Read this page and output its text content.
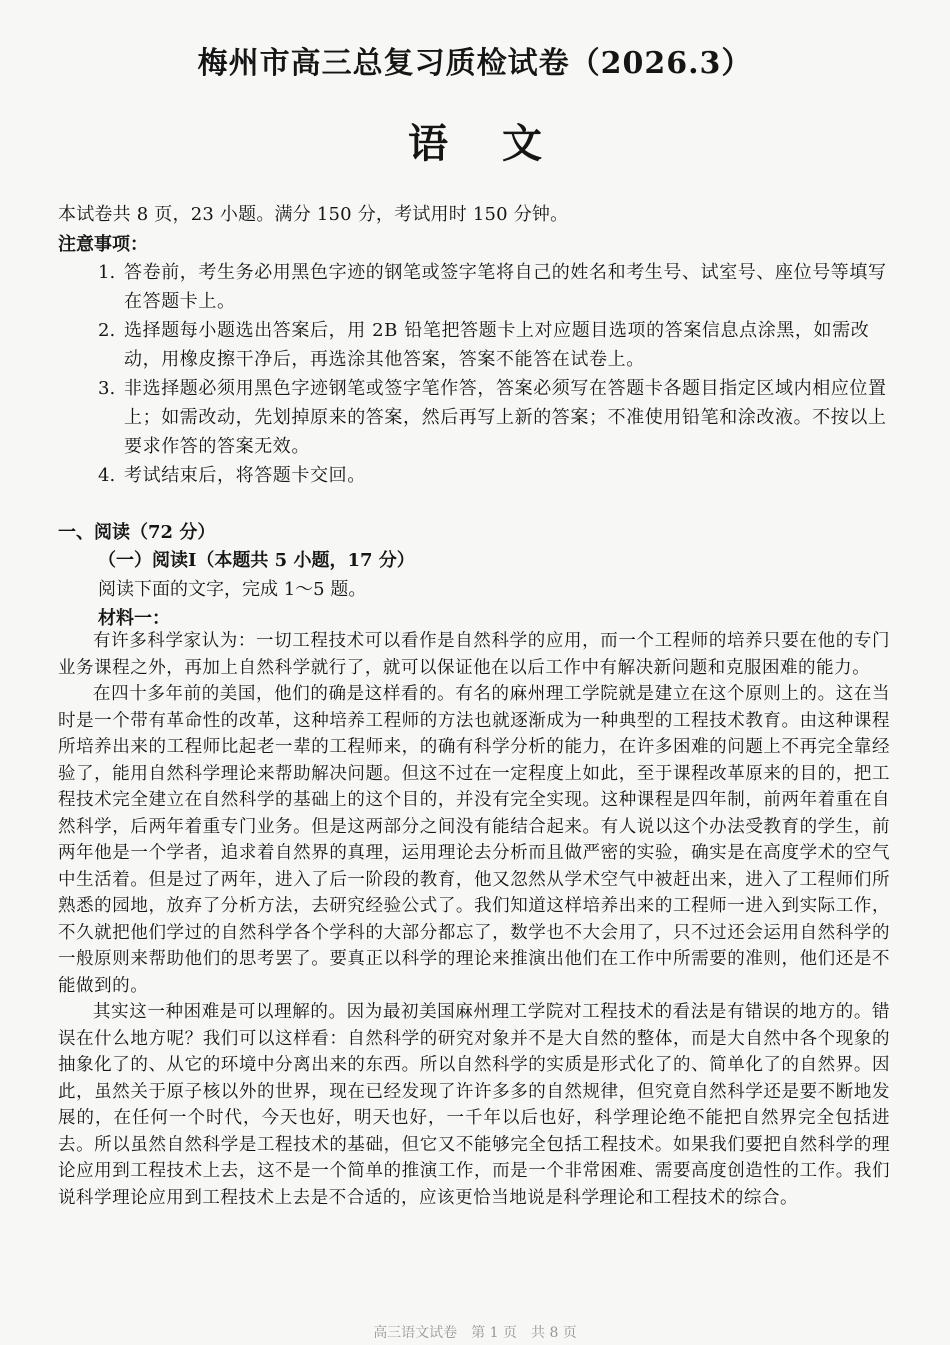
梅州市高三总复习质检试卷（2026.3）
语文
本试卷共 8 页，23 小题。满分 150 分，考试用时 150 分钟。
注意事项：
1. 答卷前，考生务必用黑色字迹的钢笔或签字笔将自己的姓名和考生号、试室号、座位号等填写在答题卡上。
2. 选择题每小题选出答案后，用 2B 铅笔把答题卡上对应题目选项的答案信息点涂黑，如需改动，用橡皮擦干净后，再选涂其他答案，答案不能答在试卷上。
3. 非选择题必须用黑色字迹钢笔或签字笔作答，答案必须写在答题卡各题目指定区域内相应位置上；如需改动，先划掉原来的答案，然后再写上新的答案；不准使用铅笔和涂改液。不按以上要求作答的答案无效。
4. 考试结束后，将答题卡交回。
一、阅读（72 分）
（一）阅读Ⅰ（本题共 5 小题，17 分）
阅读下面的文字，完成 1～5 题。
材料一：

有许多科学家认为：一切工程技术可以看作是自然科学的应用，而一个工程师的培养只要在他的专门业务课程之外，再加上自然科学就行了，就可以保证他在以后工作中有解决新问题和克服困难的能力。

在四十多年前的美国，他们的确是这样看的。有名的麻州理工学院就是建立在这个原则上的。这在当时是一个带有革命性的改革，这种培养工程师的方法也就逐渐成为一种典型的工程技术教育。由这种课程所培养出来的工程师比起老一辈的工程师来，的确有科学分析的能力，在许多困难的问题上不再完全靠经验了，能用自然科学理论来帮助解决问题。但这不过在一定程度上如此，至于课程改革原来的目的，把工程技术完全建立在自然科学的基础上的这个目的，并没有完全实现。这种课程是四年制，前两年着重在自然科学，后两年着重专门业务。但是这两部分之间没有能结合起来。有人说以这个办法受教育的学生，前两年他是一个学者，追求着自然界的真理，运用理论去分析而且做严密的实验，确实是在高度学术的空气中生活着。但是过了两年，进入了后一阶段的教育，他又忽然从学术空气中被赶出来，进入了工程师们所熟悉的园地，放弃了分析方法，去研究经验公式了。我们知道这样培养出来的工程师一进入到实际工作，不久就把他们学过的自然科学各个学科的大部分都忘了，数学也不大会用了，只不过还会运用自然科学的一般原则来帮助他们的思考罢了。要真正以科学的理论来推演出他们在工作中所需要的准则，他们还是不能做到的。

其实这一种困难是可以理解的。因为最初美国麻州理工学院对工程技术的看法是有错误的地方的。错误在什么地方呢？我们可以这样看：自然科学的研究对象并不是大自然的整体，而是大自然中各个现象的抽象化了的、从它的环境中分离出来的东西。所以自然科学的实质是形式化了的、简单化了的自然界。因此，虽然关于原子核以外的世界，现在已经发现了许许多多的自然规律，但究竟自然科学还是要不断地发展的，在任何一个时代，今天也好，明天也好，一千年以后也好，科学理论绝不能把自然界完全包括进去。所以虽然自然科学是工程技术的基础，但它又不能够完全包括工程技术。如果我们要把自然科学的理论应用到工程技术上去，这不是一个简单的推演工作，而是一个非常困难、需要高度创造性的工作。我们说科学理论应用到工程技术上去是不合适的，应该更恰当地说是科学理论和工程技术的综合。

高三语文试卷　第 1 页　共 8 页
